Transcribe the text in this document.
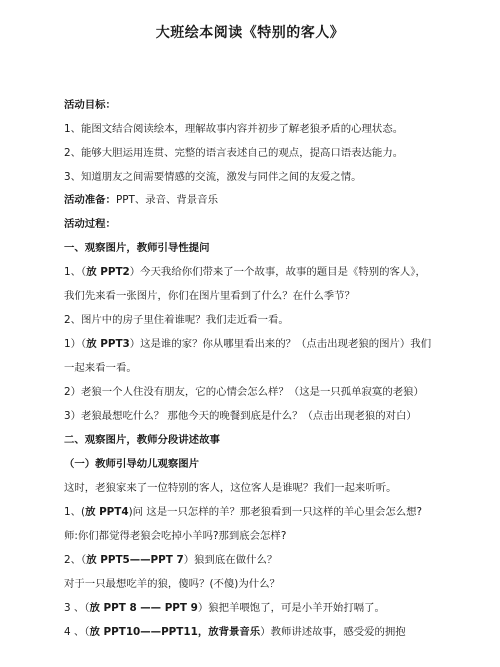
大班绘本阅读《特别的客人》
活动目标：
1、能图文结合阅读绘本，理解故事内容并初步了解老狼矛盾的心理状态。
2、能够大胆运用连贯、完整的语言表述自己的观点，提高口语表达能力。
3、知道朋友之间需要情感的交流，激发与同伴之间的友爱之情。
活动准备：PPT、录音、背景音乐
活动过程：
一、观察图片，教师引导性提问
1、（放 PPT2）今天我给你们带来了一个故事，故事的题目是《特别的客人》，
我们先来看一张图片，你们在图片里看到了什么？在什么季节？
2、图片中的房子里住着谁呢？我们走近看一看。
1）（放 PPT3）这是谁的家？你从哪里看出来的？（点击出现老狼的图片）我们
一起来看一看。
2）老狼一个人住没有朋友，它的心情会怎么样？（这是一只孤单寂寞的老狼）
3）老狼最想吃什么？ 那他今天的晚餐到底是什么？（点击出现老狼的对白）
二、观察图片，教师分段讲述故事
（一）教师引导幼儿观察图片
这时，老狼家来了一位特别的客人，这位客人是谁呢？我们一起来听听。
1、(放 PPT4)问 这是一只怎样的羊？那老狼看到一只这样的羊心里会怎么想?
师:你们都觉得老狼会吃掉小羊吗?那到底会怎样?
2、（放 PPT5——PPT 7）狼到底在做什么？
对于一只最想吃羊的狼，傻吗？(不傻)为什么？
3 、（放 PPT 8 —— PPT 9）狼把羊喂饱了，可是小羊开始打嗝了。
4 、（放 PPT10——PPT11，放背景音乐）教师讲述故事，感受爱的拥抱
